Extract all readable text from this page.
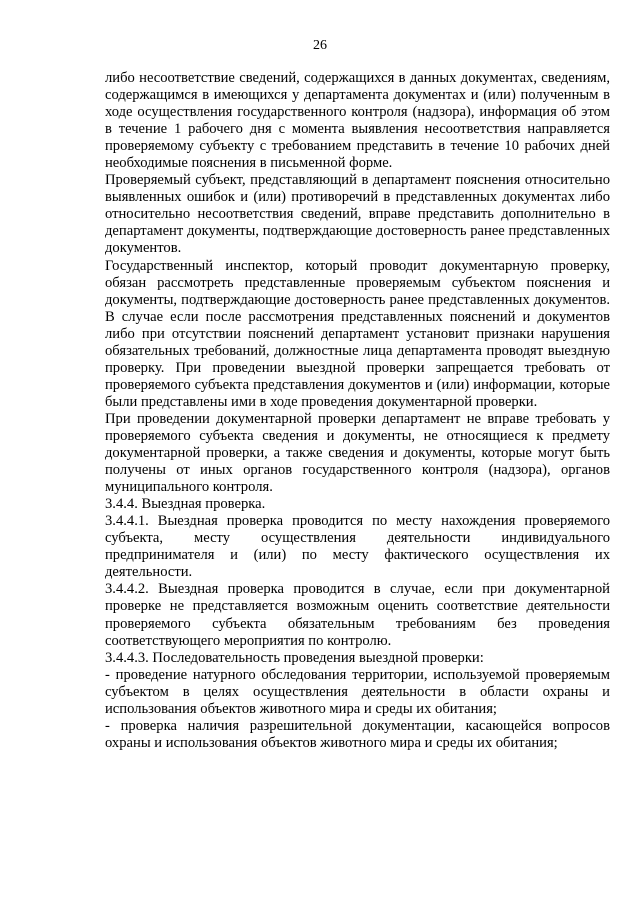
26

либо несоответствие сведений, содержащихся в данных документах, сведениям, содержащимся в имеющихся у департамента документах и (или) полученным в ходе осуществления государственного контроля (надзора), информация об этом в течение 1 рабочего дня с момента выявления несоответствия направляется проверяемому субъекту с требованием представить в течение 10 рабочих дней необходимые пояснения в письменной форме.

Проверяемый субъект, представляющий в департамент пояснения относительно выявленных ошибок и (или) противоречий в представленных документах либо относительно несоответствия сведений, вправе представить дополнительно в департамент документы, подтверждающие достоверность ранее представленных документов.

Государственный инспектор, который проводит документарную проверку, обязан рассмотреть представленные проверяемым субъектом пояснения и документы, подтверждающие достоверность ранее представленных документов. В случае если после рассмотрения представленных пояснений и документов либо при отсутствии пояснений департамент установит признаки нарушения обязательных требований, должностные лица департамента проводят выездную проверку. При проведении выездной проверки запрещается требовать от проверяемого субъекта представления документов и (или) информации, которые были представлены ими в ходе проведения документарной проверки.

При проведении документарной проверки департамент не вправе требовать у проверяемого субъекта сведения и документы, не относящиеся к предмету документарной проверки, а также сведения и документы, которые могут быть получены от иных органов государственного контроля (надзора), органов муниципального контроля.

3.4.4. Выездная проверка.

3.4.4.1. Выездная проверка проводится по месту нахождения проверяемого субъекта, месту осуществления деятельности индивидуального предпринимателя и (или) по месту фактического осуществления их деятельности.

3.4.4.2. Выездная проверка проводится в случае, если при документарной проверке не представляется возможным оценить соответствие деятельности проверяемого субъекта обязательным требованиям без проведения соответствующего мероприятия по контролю.

3.4.4.3. Последовательность проведения выездной проверки:

- проведение натурного обследования территории, используемой проверяемым субъектом в целях осуществления деятельности в области охраны и использования объектов животного мира и среды их обитания;

- проверка наличия разрешительной документации, касающейся вопросов охраны и использования объектов животного мира и среды их обитания;
